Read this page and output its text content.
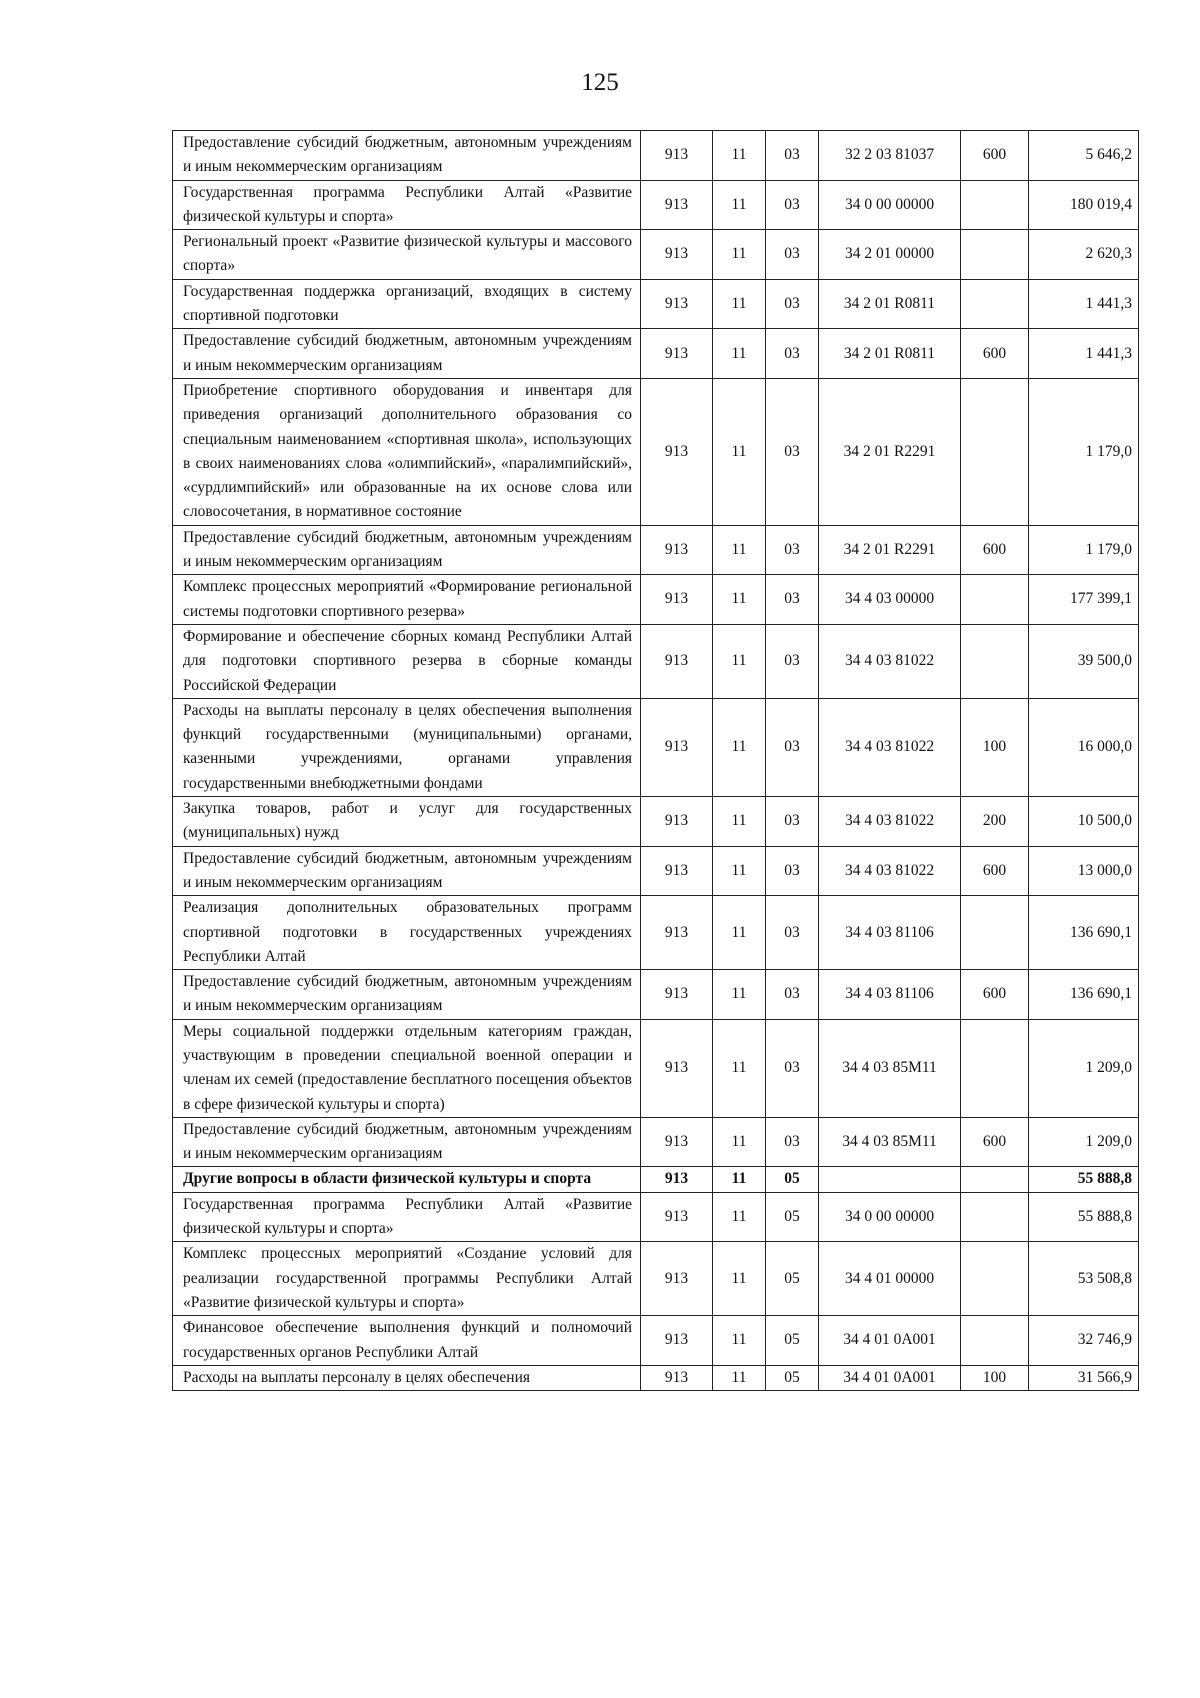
125
Предоставление субсидий бюджетным, автономным учреждениям и иным некоммерческим организациям	913	11	03	32 2 03 81037	600	5 646,2
Государственная программа Республики Алтай «Развитие физической культуры и спорта»	913	11	03	34 0 00 00000		180 019,4
Региональный проект «Развитие физической культуры и массового спорта»	913	11	03	34 2 01 00000		2 620,3
Государственная поддержка организаций, входящих в систему спортивной подготовки	913	11	03	34 2 01 R0811		1 441,3
Предоставление субсидий бюджетным, автономным учреждениям и иным некоммерческим организациям	913	11	03	34 2 01 R0811	600	1 441,3
Приобретение спортивного оборудования и инвентаря для приведения организаций дополнительного образования со специальным наименованием «спортивная школа», использующих в своих наименованиях слова «олимпийский», «паралимпийский», «сурдлимпийский» или образованные на их основе слова или словосочетания, в нормативное состояние	913	11	03	34 2 01 R2291		1 179,0
Предоставление субсидий бюджетным, автономным учреждениям и иным некоммерческим организациям	913	11	03	34 2 01 R2291	600	1 179,0
Комплекс процессных мероприятий «Формирование региональной системы подготовки спортивного резерва»	913	11	03	34 4 03 00000		177 399,1
Формирование и обеспечение сборных команд Республики Алтай для подготовки спортивного резерва в сборные команды Российской Федерации	913	11	03	34 4 03 81022		39 500,0
Расходы на выплаты персоналу в целях обеспечения выполнения функций государственными (муниципальными) органами, казенными учреждениями, органами управления государственными внебюджетными фондами	913	11	03	34 4 03 81022	100	16 000,0
Закупка товаров, работ и услуг для государственных (муниципальных) нужд	913	11	03	34 4 03 81022	200	10 500,0
Предоставление субсидий бюджетным, автономным учреждениям и иным некоммерческим организациям	913	11	03	34 4 03 81022	600	13 000,0
Реализация дополнительных образовательных программ спортивной подготовки в государственных учреждениях Республики Алтай	913	11	03	34 4 03 81106		136 690,1
Предоставление субсидий бюджетным, автономным учреждениям и иным некоммерческим организациям	913	11	03	34 4 03 81106	600	136 690,1
Меры социальной поддержки отдельным категориям граждан, участвующим в проведении специальной военной операции и членам их семей (предоставление бесплатного посещения объектов в сфере физической культуры и спорта)	913	11	03	34 4 03 85М11		1 209,0
Предоставление субсидий бюджетным, автономным учреждениям и иным некоммерческим организациям	913	11	03	34 4 03 85М11	600	1 209,0
Другие вопросы в области физической культуры и спорта	913	11	05			55 888,8
Государственная программа Республики Алтай «Развитие физической культуры и спорта»	913	11	05	34 0 00 00000		55 888,8
Комплекс процессных мероприятий «Создание условий для реализации государственной программы Республики Алтай «Развитие физической культуры и спорта»	913	11	05	34 4 01 00000		53 508,8
Финансовое обеспечение выполнения функций и полномочий государственных органов Республики Алтай	913	11	05	34 4 01 0А001		32 746,9
Расходы на выплаты персоналу в целях обеспечения	913	11	05	34 4 01 0А001	100	31 566,9
